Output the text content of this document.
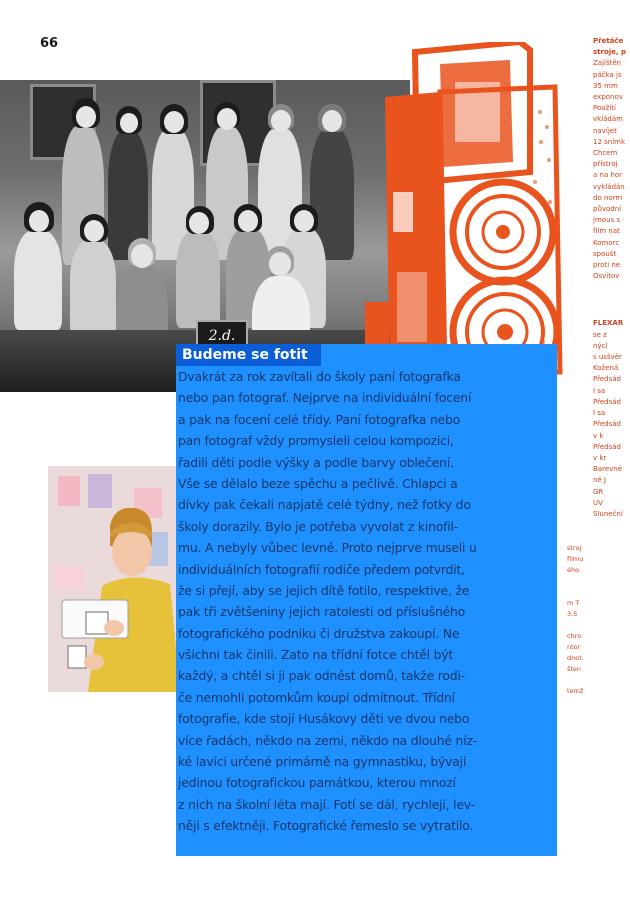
66
2.d.
Přetáče
stroje, p
Zajištěn
páčka js
35 mm
exponov
Použití
vkládám
navíjet
12 snímk
Chcem
přístroj
a na hor
vykládán
do norm
původní
jmous s
film nat
Komorc
spoušt
proti ne
Osvitov
FLEXAR
se z
nýcl
s usšvěr
Kožená
Předsád
I sa
Předsád
I sa
Předsád
v k
Předsád
v kr
Barevné
né J
GR
UV
Sluneční
stroj
filmu
ého
m T
3,5
chro
ntor
dnot.
šten
temž
Budeme se fotit
Dvakrát za rok zavítali do školy paní fotografka
nebo pan fotograf. Nejprve na individuální focení
a pak na focení celé třídy. Paní fotografka nebo
pan fotograf vždy promysleli celou kompozici,
řadili děti podle výšky a podle barvy oblečení.
Vše se dělalo beze spěchu a pečlivě. Chlapci a
dívky pak čekali napjatě celé týdny, než fotky do
školy dorazily. Bylo je potřeba vyvolat z kinofil-
mu. A nebyly vůbec levné. Proto nejprve museli u
individuálních fotografií rodiče předem potvrdit,
že si přejí, aby se jejich dítě fotilo, respektive, že
pak tři zvětšeniny jejich ratolesti od příslušného
fotografického podniku či družstva zakoupí. Ne
všichni tak činili. Zato na třídní fotce chtěl být
každý, a chtěl si ji pak odnést domů, takže rodi-
če nemohli potomkům koupi odmítnout. Třídní
fotografie, kde stojí Husákovy děti ve dvou nebo
více řadách, někdo na zemi, někdo na dlouhé níz-
ké lavici určené primárně na gymnastiku, bývají
jedinou fotografickou památkou, kterou mnozí
z nich na školní léta mají. Fotí se dál, rychleji, lev-
něji s efektněji. Fotografické řemeslo se vytratilo.
